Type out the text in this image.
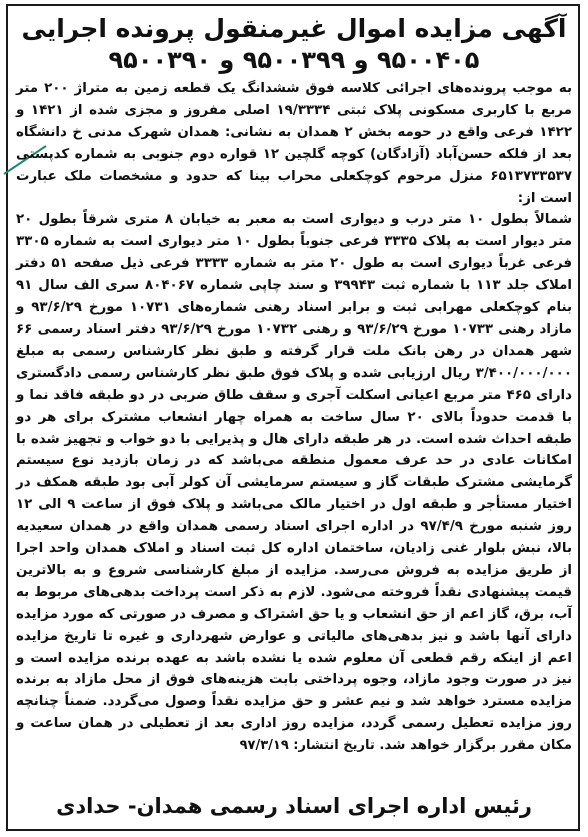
آگهی مزایده اموال غیرمنقول پرونده اجرایی
۹۵۰۰۴۰۵ و ۹۵۰۰۳۹۹ و ۹۵۰۰۳۹۰
به موجب پرونده‌های اجرائی کلاسه فوق ششدانگ یک قطعه زمین به متراژ ۲۰۰ متر مربع با کاربری مسکونی پلاک ثبتی ۱۹/۳۳۳۴ اصلی مفروز و مجزی شده از ۱۴۲۱ و ۱۴۲۲ فرعی واقع در حومه بخش ۲ همدان به نشانی: همدان شهرک مدنی خ دانشگاه بعد از فلکه حسن‌آباد (آزادگان) کوچه گلچین ۱۲ قواره دوم جنوبی به شماره کدپستی ۶۵۱۳۷۳۳۵۳۷ منزل مرحوم کوچکعلی محراب بینا که حدود و مشخصات ملک عبارت است از:
شمالاً بطول ۱۰ متر درب و دیواری است به معبر به خیابان ۸ متری شرقاً بطول ۲۰ متر دیوار است به پلاک ۳۳۳۵ فرعی جنوباً بطول ۱۰ متر دیواری است به شماره ۳۳۰۵ فرعی غرباً دیواری است به طول ۲۰ متر به شماره ۳۳۳۳ فرعی ذیل صفحه ۵۱ دفتر املاک جلد ۱۱۳ با شماره ثبت ۳۹۹۴۳ و سند چاپی شماره ۸۰۴۰۶۷ سری الف سال ۹۱ بنام کوچکعلی مهرابی ثبت و برابر اسناد رهنی شماره‌های ۱۰۷۳۱ مورخ ۹۳/۶/۲۹ و مازاد رهنی ۱۰۷۳۳ مورخ ۹۳/۶/۲۹ و رهنی ۱۰۷۳۲ مورخ ۹۳/۶/۲۹ دفتر اسناد رسمی ۶۶ شهر همدان در رهن بانک ملت قرار گرفته و طبق نظر کارشناس رسمی به مبلغ ۳/۴۰۰/۰۰۰/۰۰۰ ریال ارزیابی شده و پلاک فوق طبق نظر کارشناس رسمی دادگستری دارای ۴۶۵ متر مربع اعیانی اسکلت آجری و سقف طاق ضربی در دو طبقه فاقد نما و با قدمت حدوداً بالای ۲۰ سال ساخت به همراه چهار انشعاب مشترک برای هر دو طبقه احداث شده است. در هر طبقه دارای هال و پذیرایی با دو خواب و تجهیز شده با امکانات عادی در حد عرف معمول منطقه می‌باشد که در زمان بازدید نوع سیستم گرمایشی مشترک طبقات گاز و سیستم سرمایشی آن کولر آبی بود طبقه همکف در اختیار مستأجر و طبقه اول در اختیار مالک می‌باشد و پلاک فوق از ساعت ۹ الی ۱۲ روز شنبه مورخ ۹۷/۴/۹ در اداره اجرای اسناد رسمی همدان واقع در همدان سعیدیه بالا، نبش بلوار غنی زادیان، ساختمان اداره کل ثبت اسناد و املاک همدان واحد اجرا از طریق مزایده به فروش می‌رسد. مزایده از مبلغ کارشناسی شروع و به بالاترین قیمت پیشنهادی نقداً فروخته می‌شود. لازم به ذکر است پرداخت بدهی‌های مربوط به آب، برق، گاز اعم از حق انشعاب و یا حق اشتراک و مصرف در صورتی که مورد مزایده دارای آنها باشد و نیز بدهی‌های مالیاتی و عوارض شهرداری و غیره تا تاریخ مزایده اعم از اینکه رقم قطعی آن معلوم شده یا نشده باشد به عهده برنده مزایده است و نیز در صورت وجود مازاد، وجوه پرداختی بابت هزینه‌های فوق از محل مازاد به برنده مزایده مسترد خواهد شد و نیم عشر و حق مزایده نقداً وصول می‌گردد. ضمناً چنانچه روز مزایده تعطیل رسمی گردد، مزایده روز اداری بعد از تعطیلی در همان ساعت و مکان مقرر برگزار خواهد شد. تاریخ انتشار: ۹۷/۳/۱۹
رئیس اداره اجرای اسناد رسمی همدان- حدادی
